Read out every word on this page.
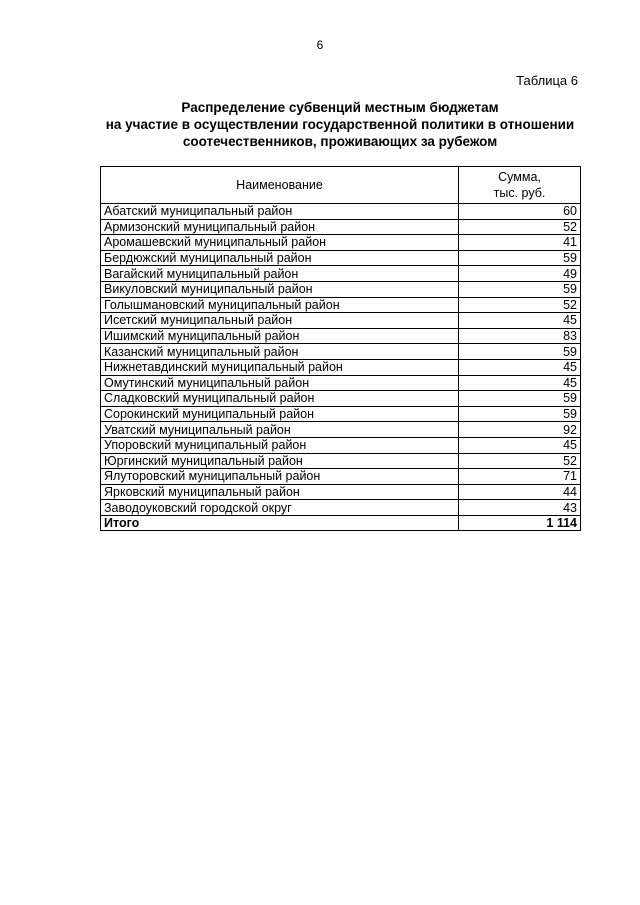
6
Таблица 6
Распределение субвенций местным бюджетам
на участие в осуществлении государственной политики в отношении
соотечественников, проживающих за рубежом
Наименование	Сумма,
тыс. руб.

Абатский муниципальный район	60
Армизонский муниципальный район	52
Аромашевский муниципальный район	41
Бердюжский муниципальный район	59
Вагайский муниципальный район	49
Викуловский муниципальный район	59
Голышмановский муниципальный район	52
Исетский муниципальный район	45
Ишимский муниципальный район	83
Казанский муниципальный район	59
Нижнетавдинский муниципальный район	45
Омутинский муниципальный район	45
Сладковский муниципальный район	59
Сорокинский муниципальный район	59
Уватский муниципальный район	92
Упоровский муниципальный район	45
Юргинский муниципальный район	52
Ялуторовский муниципальный район	71
Ярковский муниципальный район	44
Заводоуковский городской округ	43
Итого	1 114
